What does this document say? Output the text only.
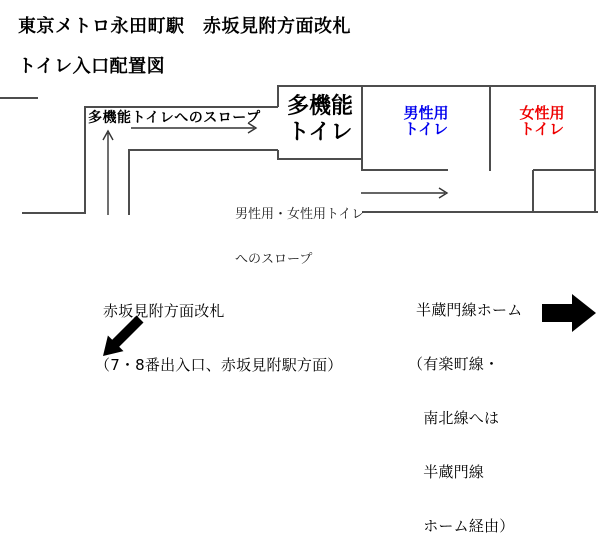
東京メトロ永田町駅　赤坂見附方面改札

トイレ入口配置図
多機能トイレへのスロープ	多機能
トイレ
男性用
トイレ
女性用
トイレ

男性用・女性用トイレ

へのスロープ

赤坂見附方面改札

（7・8番出入口、赤坂見附駅方面）

半蔵門線ホーム

（有楽町線・

　南北線へは

　半蔵門線

　ホーム経由）
